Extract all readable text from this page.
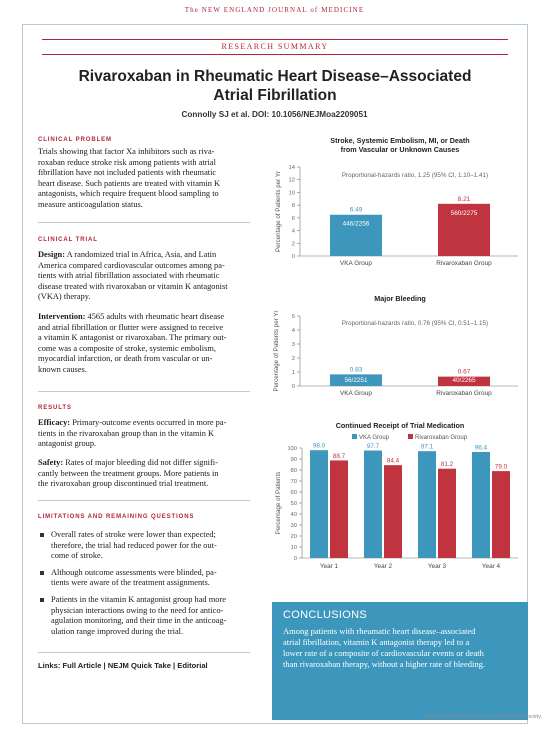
The NEW ENGLAND JOURNAL of MEDICINE
RESEARCH SUMMARY
Rivaroxaban in Rheumatic Heart Disease–Associated
Atrial Fibrillation
Connolly SJ et al. DOI: 10.1056/NEJMoa2209051
CLINICAL PROBLEM
Trials showing that factor Xa inhibitors such as riva-
roxaban reduce stroke risk among patients with atrial
fibrillation have not included patients with rheumatic
heart disease. Such patients are treated with vitamin K
antagonists, which require frequent blood sampling to
measure anticoagulation status.
CLINICAL TRIAL
Design: A randomized trial in Africa, Asia, and Latin
America compared cardiovascular outcomes among pa-
tients with atrial fibrillation associated with rheumatic
disease treated with rivaroxaban or vitamin K antagonist
(VKA) therapy.
Intervention: 4565 adults with rheumatic heart disease
and atrial fibrillation or flutter were assigned to receive
a vitamin K antagonist or rivaroxaban. The primary out-
come was a composite of stroke, systemic embolism,
myocardial infarction, or death from vascular or un-
known causes.
RESULTS
Efficacy: Primary-outcome events occurred in more pa-
tients in the rivaroxaban group than in the vitamin K
antagonist group.
Safety: Rates of major bleeding did not differ signifi-
cantly between the treatment groups. More patients in
the rivaroxaban group discontinued trial treatment.
LIMITATIONS AND REMAINING QUESTIONS
Overall rates of stroke were lower than expected;
therefore, the trial had reduced power for the out-
come of stroke.
Although outcome assessments were blinded, pa-
tients were aware of the treatment assignments.
Patients in the vitamin K antagonist group had more
physician interactions owing to the need for antico-
agulation monitoring, and their time in the anticoag-
ulation range improved during the trial.
Links: Full Article | NEJM Quick Take | Editorial
Stroke, Systemic Embolism, MI, or Death
from Vascular or Unknown Causes
Percentage of Patients per Yr
0
2
4
6
8
10
12
14
Proportional-hazards ratio, 1.25 (95% CI, 1.10–1.41)
6.49
446/2256
VKA Group
8.21
560/2275
Rivaroxaban Group
Major Bleeding
Percentage of Patients per Yr 0
1
2
3
4
5
Proportional-hazards ratio, 0.76 (95% CI, 0.51–1.15)
0.83
56/2251
VKA Group
0.67
40/2265
Rivaroxaban Group
Continued Receipt of Trial Medication
VKA Group	Rivaroxaban Group
Percentage of Patients
0
10
20
30
40
50
60
70
80
90
100	98.0
88.7
Year 1
97.7
84.4
Year 2
97.1
81.2
Year 3
96.4
79.0
Year 4
CONCLUSIONS
Among patients with rheumatic heart disease–associated
atrial fibrillation, vitamin K antagonist therapy led to a
lower rate of a composite of cardiovascular events or death
than rivaroxaban therapy, without a higher rate of bleeding.
Copyright © 2022 Massachusetts Medical Society.
